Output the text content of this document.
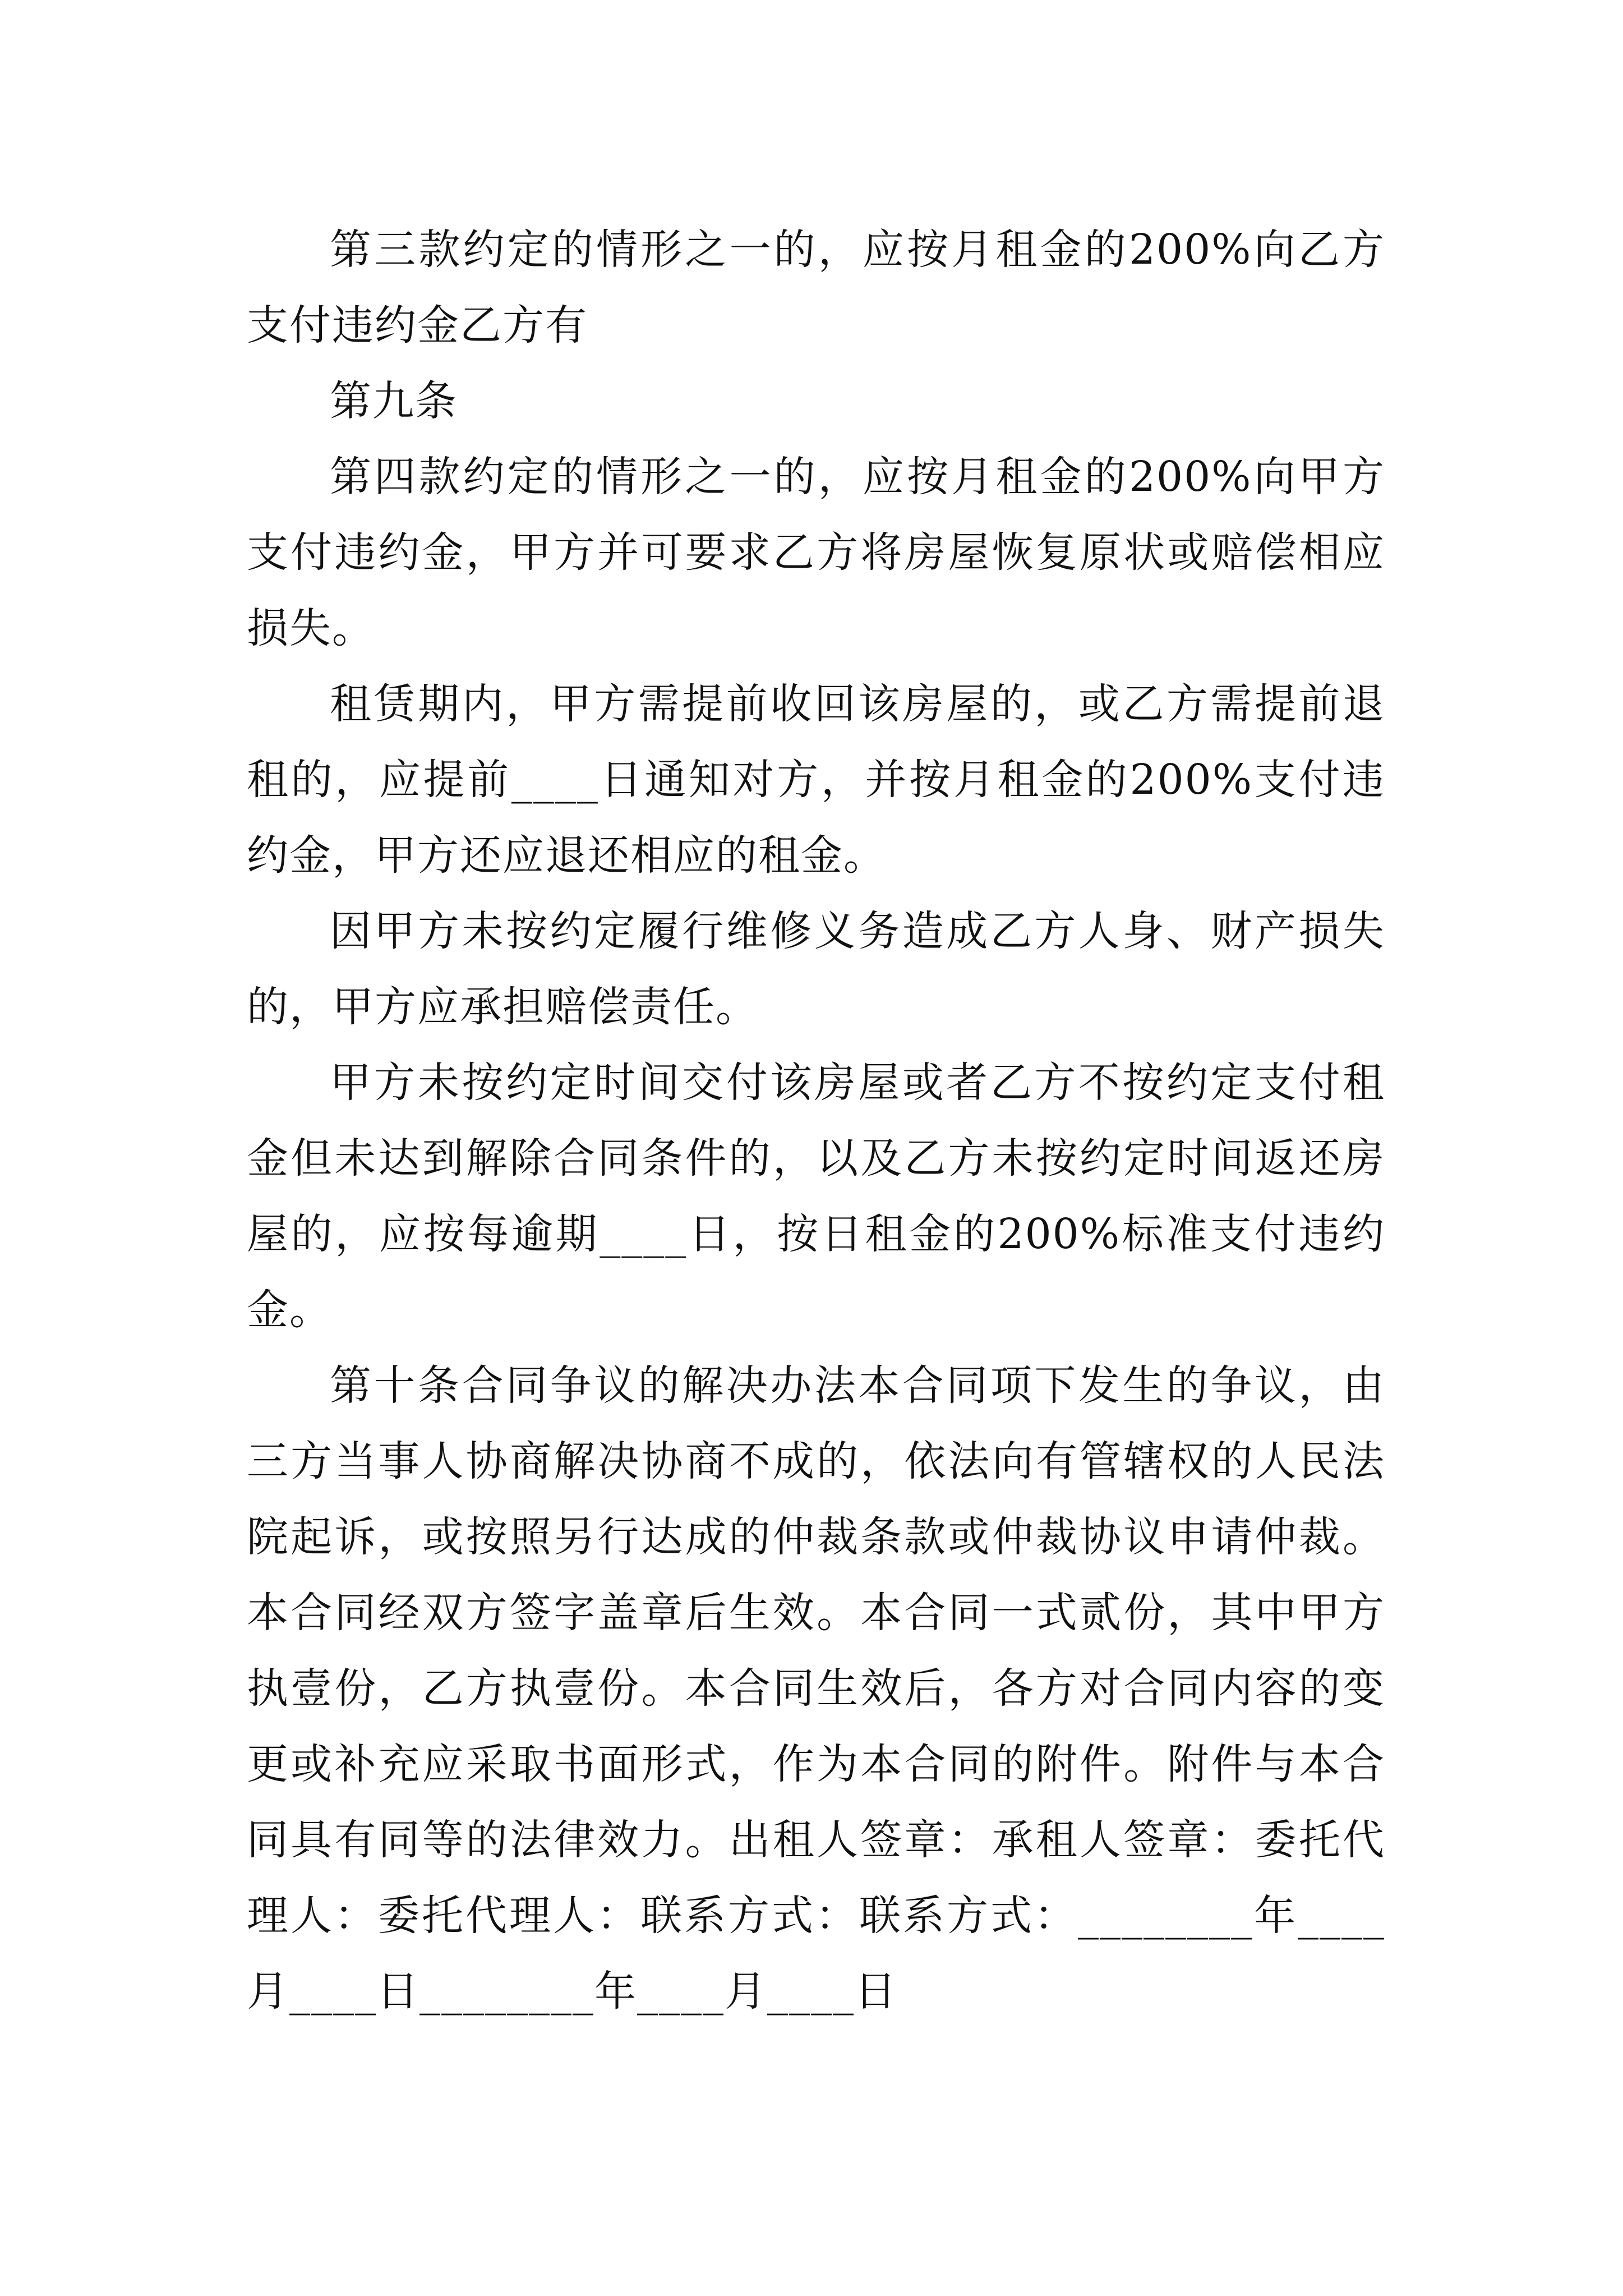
第三款约定的情形之一的，应按月租金的200%向乙方支付违约金乙方有

第九条

第四款约定的情形之一的，应按月租金的200%向甲方支付违约金，甲方并可要求乙方将房屋恢复原状或赔偿相应损失。

租赁期内，甲方需提前收回该房屋的，或乙方需提前退租的，应提前____日通知对方，并按月租金的200%支付违约金，甲方还应退还相应的租金。

因甲方未按约定履行维修义务造成乙方人身、财产损失的，甲方应承担赔偿责任。

甲方未按约定时间交付该房屋或者乙方不按约定支付租金但未达到解除合同条件的，以及乙方未按约定时间返还房屋的，应按每逾期____日，按日租金的200%标准支付违约金。

第十条合同争议的解决办法本合同项下发生的争议，由三方当事人协商解决协商不成的，依法向有管辖权的人民法院起诉，或按照另行达成的仲裁条款或仲裁协议申请仲裁。本合同经双方签字盖章后生效。本合同一式贰份，其中甲方执壹份，乙方执壹份。本合同生效后，各方对合同内容的变更或补充应采取书面形式，作为本合同的附件。附件与本合同具有同等的法律效力。出租人签章：承租人签章：委托代理人：委托代理人：联系方式：联系方式：________年____月____日________年____月____日
